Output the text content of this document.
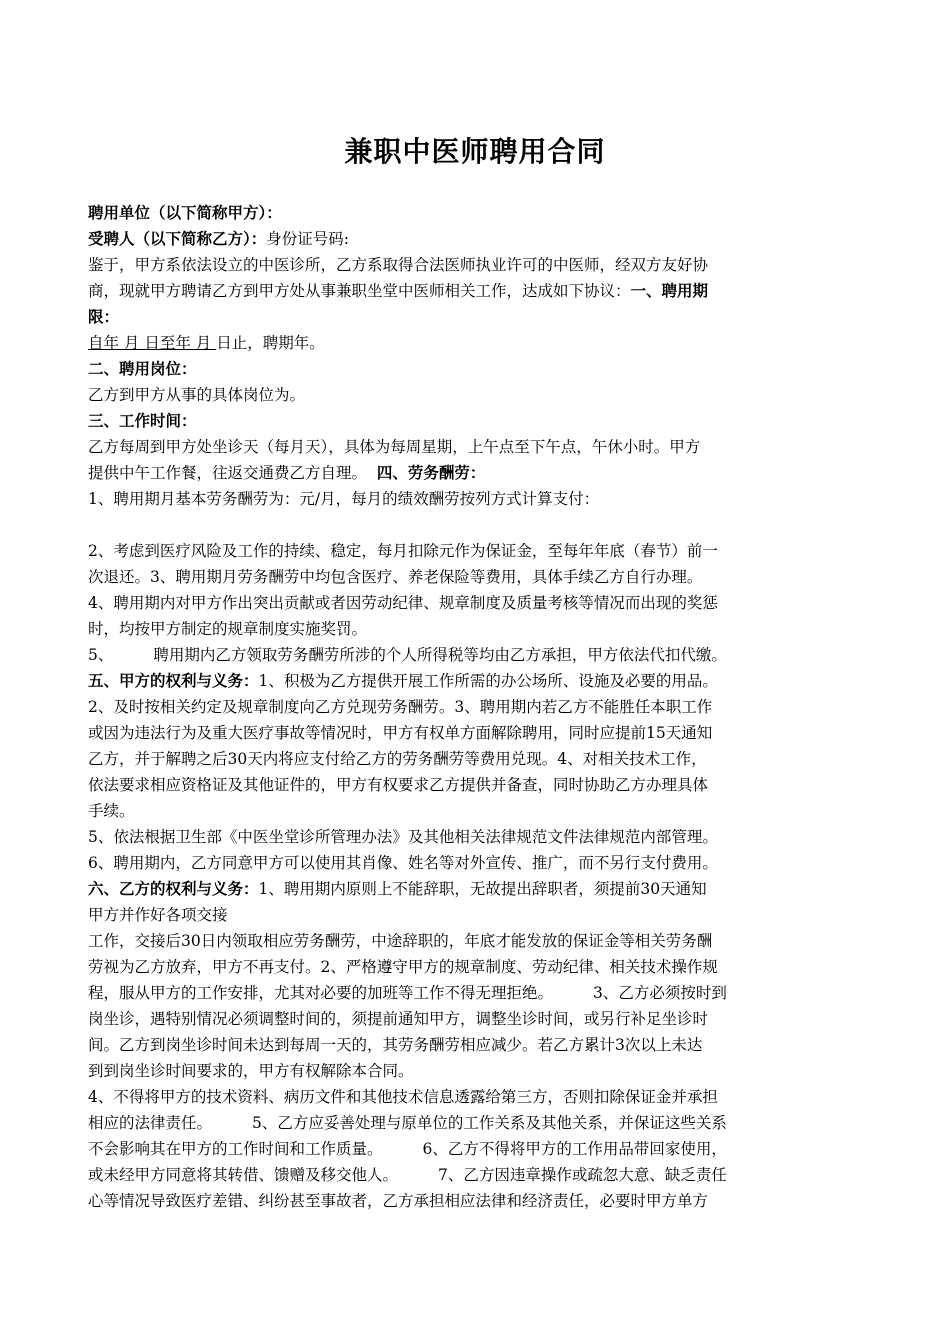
兼职中医师聘用合同
聘用单位（以下简称甲方）：
受聘人（以下简称乙方）：身份证号码:
鉴于，甲方系依法设立的中医诊所，乙方系取得合法医师执业许可的中医师，经双方友好协
商，现就甲方聘请乙方到甲方处从事兼职坐堂中医师相关工作，达成如下协议：一、聘用期
限：
自年 月 日至年 月 日止，聘期年。
二、聘用岗位：
乙方到甲方从事的具体岗位为。
三、工作时间：
乙方每周到甲方处坐诊天（每月天），具体为每周星期，上午点至下午点，午休小时。甲方
提供中午工作餐，往返交通费乙方自理。 四、劳务酬劳：
1、聘用期月基本劳务酬劳为：元/月，每月的绩效酬劳按列方式计算支付：
2、考虑到医疗风险及工作的持续、稳定，每月扣除元作为保证金，至每年年底（春节）前一
次退还。3、聘用期月劳务酬劳中均包含医疗、养老保险等费用，具体手续乙方自行办理。
4、聘用期内对甲方作出突出贡献或者因劳动纪律、规章制度及质量考核等情况而出现的奖惩
时，均按甲方制定的规章制度实施奖罚。
5、	聘用期内乙方领取劳务酬劳所涉的个人所得税等均由乙方承担，甲方依法代扣代缴。
五、甲方的权利与义务：1、积极为乙方提供开展工作所需的办公场所、设施及必要的用品。
2、及时按相关约定及规章制度向乙方兑现劳务酬劳。3、聘用期内若乙方不能胜任本职工作
或因为违法行为及重大医疗事故等情况时，甲方有权单方面解除聘用，同时应提前15天通知
乙方，并于解聘之后30天内将应支付给乙方的劳务酬劳等费用兑现。4、对相关技术工作，
依法要求相应资格证及其他证件的，甲方有权要求乙方提供并备查，同时协助乙方办理具体
手续。
5、依法根据卫生部《中医坐堂诊所管理办法》及其他相关法律规范文件法律规范内部管理。
6、聘用期内，乙方同意甲方可以使用其肖像、姓名等对外宣传、推广，而不另行支付费用。
六、乙方的权利与义务：1、聘用期内原则上不能辞职，无故提出辞职者，须提前30天通知
甲方并作好各项交接
工作，交接后30日内领取相应劳务酬劳，中途辞职的，年底才能发放的保证金等相关劳务酬
劳视为乙方放弃，甲方不再支付。2、严格遵守甲方的规章制度、劳动纪律、相关技术操作规
程，服从甲方的工作安排，尤其对必要的加班等工作不得无理拒绝。	3、乙方必须按时到
岗坐诊，遇特别情况必须调整时间的，须提前通知甲方，调整坐诊时间，或另行补足坐诊时
间。乙方到岗坐诊时间未达到每周一天的，其劳务酬劳相应减少。若乙方累计3次以上未达
到到岗坐诊时间要求的，甲方有权解除本合同。
4、不得将甲方的技术资料、病历文件和其他技术信息透露给第三方，否则扣除保证金并承担
相应的法律责任。	5、乙方应妥善处理与原单位的工作关系及其他关系，并保证这些关系
不会影响其在甲方的工作时间和工作质量。	6、乙方不得将甲方的工作用品带回家使用，
或未经甲方同意将其转借、馈赠及移交他人。	7、乙方因违章操作或疏忽大意、缺乏责任
心等情况导致医疗差错、纠纷甚至事故者，乙方承担相应法律和经济责任，必要时甲方单方
